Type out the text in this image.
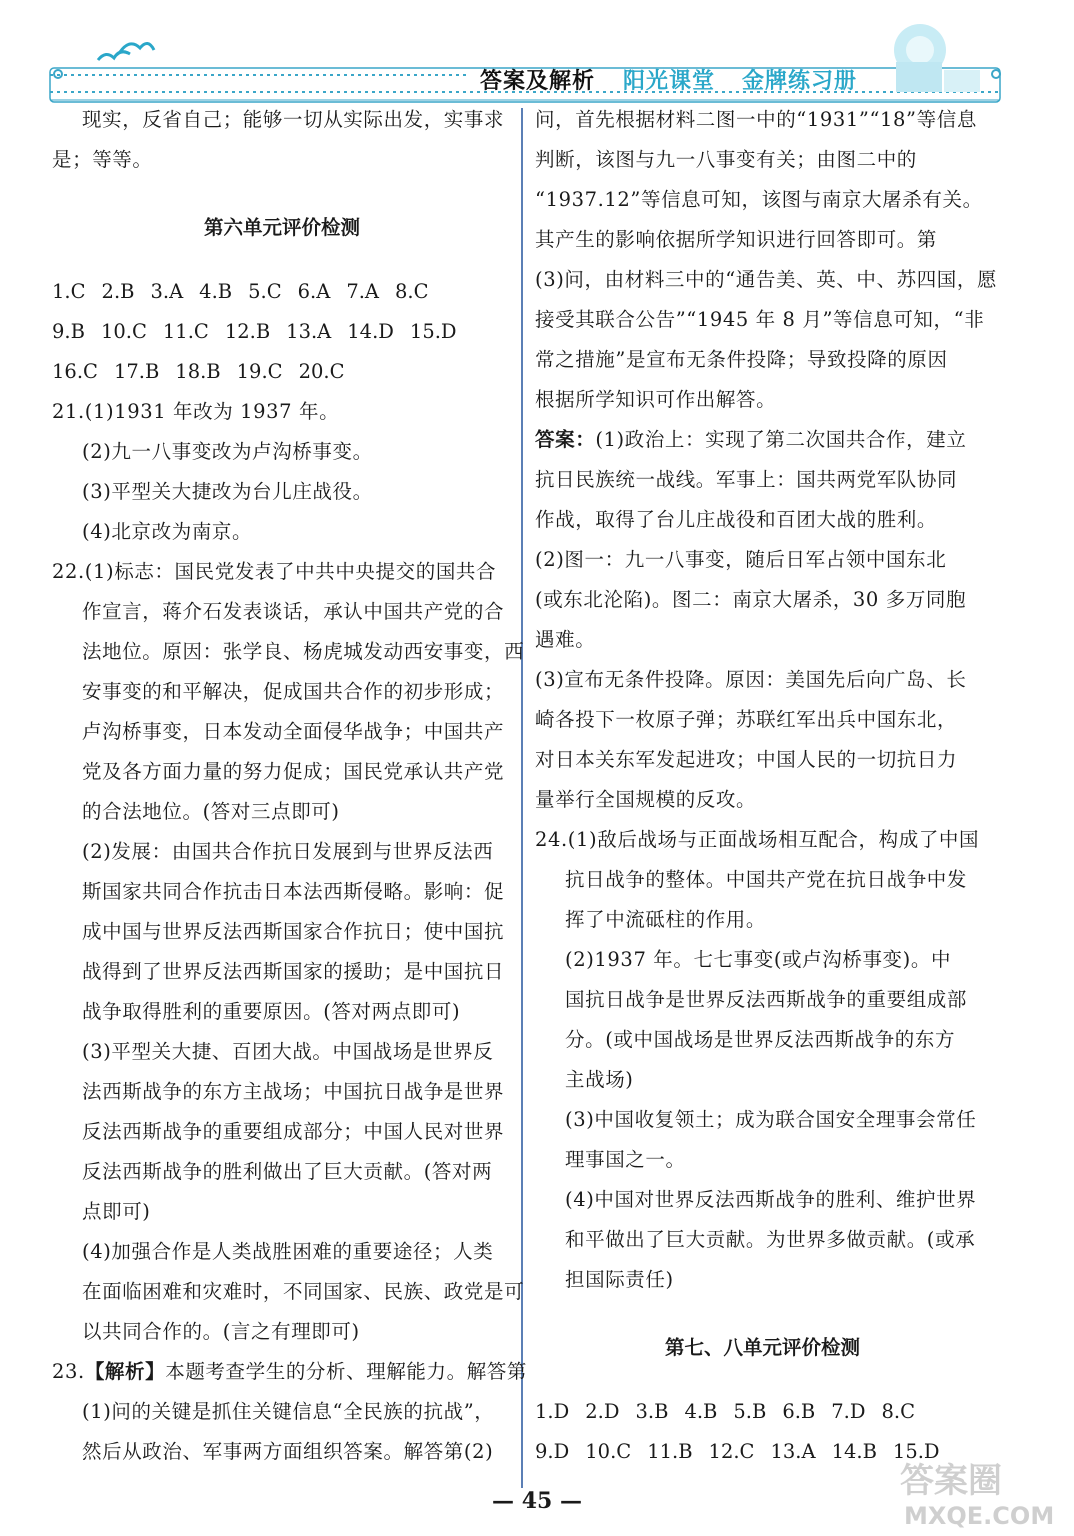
答案及解析 阳光课堂 金牌练习册
现实，反省自己；能够一切从实际出发，实事求
是；等等。
第六单元评价检测
1.C 2.B 3.A 4.B 5.C 6.A 7.A 8.C
9.B 10.C 11.C 12.B 13.A 14.D 15.D
16.C 17.B 18.B 19.C 20.C
21.(1)1931 年改为 1937 年。
(2)九一八事变改为卢沟桥事变。
(3)平型关大捷改为台儿庄战役。
(4)北京改为南京。
22.(1)标志：国民党发表了中共中央提交的国共合
作宣言，蒋介石发表谈话，承认中国共产党的合
法地位。原因：张学良、杨虎城发动西安事变，西
安事变的和平解决，促成国共合作的初步形成；
卢沟桥事变，日本发动全面侵华战争；中国共产
党及各方面力量的努力促成；国民党承认共产党
的合法地位。(答对三点即可)
(2)发展：由国共合作抗日发展到与世界反法西
斯国家共同合作抗击日本法西斯侵略。影响：促
成中国与世界反法西斯国家合作抗日；使中国抗
战得到了世界反法西斯国家的援助；是中国抗日
战争取得胜利的重要原因。(答对两点即可)
(3)平型关大捷、百团大战。中国战场是世界反
法西斯战争的东方主战场；中国抗日战争是世界
反法西斯战争的重要组成部分；中国人民对世界
反法西斯战争的胜利做出了巨大贡献。(答对两
点即可)
(4)加强合作是人类战胜困难的重要途径；人类
在面临困难和灾难时，不同国家、民族、政党是可
以共同合作的。(言之有理即可)
23.【解析】本题考查学生的分析、理解能力。解答第
(1)问的关键是抓住关键信息“全民族的抗战”，
然后从政治、军事两方面组织答案。解答第(2)
问，首先根据材料二图一中的“1931”“18”等信息
判断，该图与九一八事变有关；由图二中的
“1937.12”等信息可知，该图与南京大屠杀有关。
其产生的影响依据所学知识进行回答即可。第
(3)问，由材料三中的“通告美、英、中、苏四国，愿
接受其联合公告”“1945 年 8 月”等信息可知，“非
常之措施”是宣布无条件投降；导致投降的原因
根据所学知识可作出解答。
答案：(1)政治上：实现了第二次国共合作，建立
抗日民族统一战线。军事上：国共两党军队协同
作战，取得了台儿庄战役和百团大战的胜利。
(2)图一：九一八事变，随后日军占领中国东北
(或东北沦陷)。图二：南京大屠杀，30 多万同胞
遇难。
(3)宣布无条件投降。原因：美国先后向广岛、长
崎各投下一枚原子弹；苏联红军出兵中国东北，
对日本关东军发起进攻；中国人民的一切抗日力
量举行全国规模的反攻。
24.(1)敌后战场与正面战场相互配合，构成了中国
抗日战争的整体。中国共产党在抗日战争中发
挥了中流砥柱的作用。
(2)1937 年。七七事变(或卢沟桥事变)。中
国抗日战争是世界反法西斯战争的重要组成部
分。(或中国战场是世界反法西斯战争的东方
主战场)
(3)中国收复领土；成为联合国安全理事会常任
理事国之一。
(4)中国对世界反法西斯战争的胜利、维护世界
和平做出了巨大贡献。为世界多做贡献。(或承
担国际责任)
第七、八单元评价检测
1.D 2.D 3.B 4.B 5.B 6.B 7.D 8.C
9.D 10.C 11.B 12.C 13.A 14.B 15.D
— 45 —	答案圈
MXQE.COM
